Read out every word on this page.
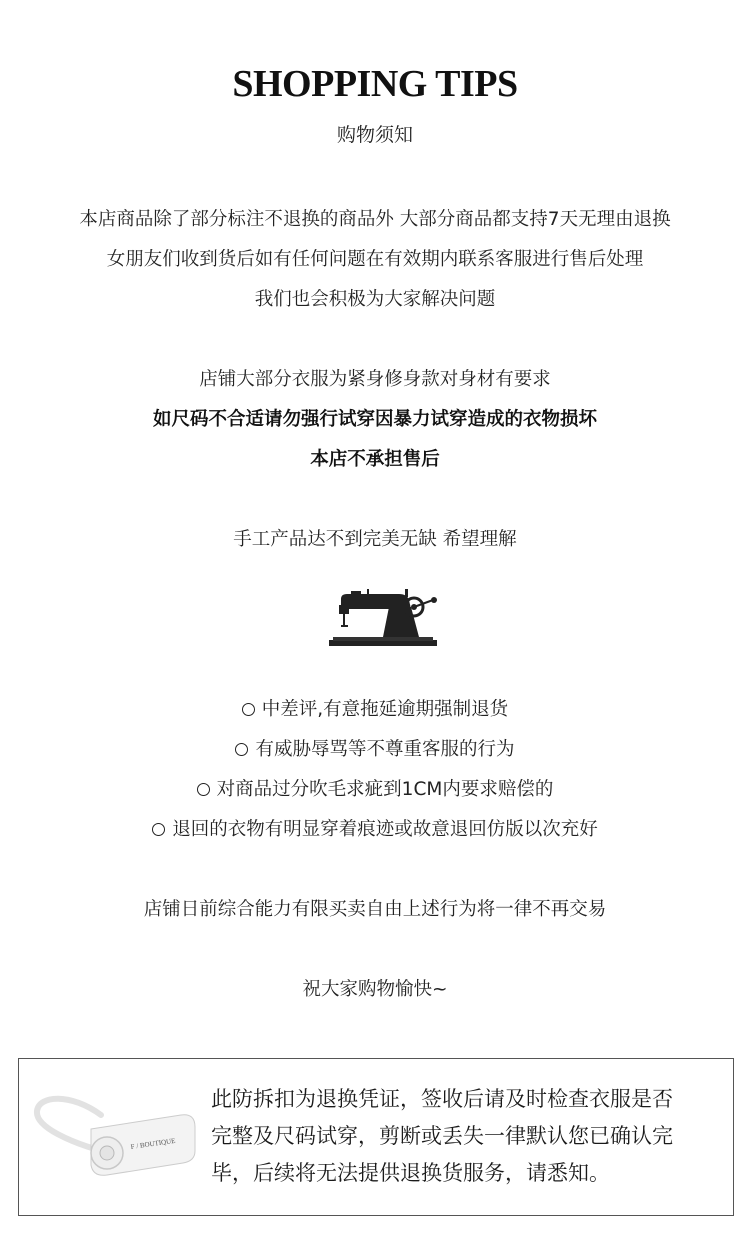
SHOPPING TIPS
购物须知
本店商品除了部分标注不退换的商品外 大部分商品都支持7天无理由退换
女朋友们收到货后如有任何问题在有效期内联系客服进行售后处理
我们也会积极为大家解决问题
店铺大部分衣服为紧身修身款对身材有要求
如尺码不合适请勿强行试穿因暴力试穿造成的衣物损坏
本店不承担售后
手工产品达不到完美无缺 希望理解
中差评,有意拖延逾期强制退货
有威胁辱骂等不尊重客服的行为
对商品过分吹毛求疵到1CM内要求赔偿的
退回的衣物有明显穿着痕迹或故意退回仿版以次充好
店铺日前综合能力有限买卖自由上述行为将一律不再交易
祝大家购物愉快~
F / BOUTIQUE
此防拆扣为退换凭证，签收后请及时检查衣服是否
完整及尺码试穿，剪断或丢失一律默认您已确认完
毕，后续将无法提供退换货服务，请悉知。
